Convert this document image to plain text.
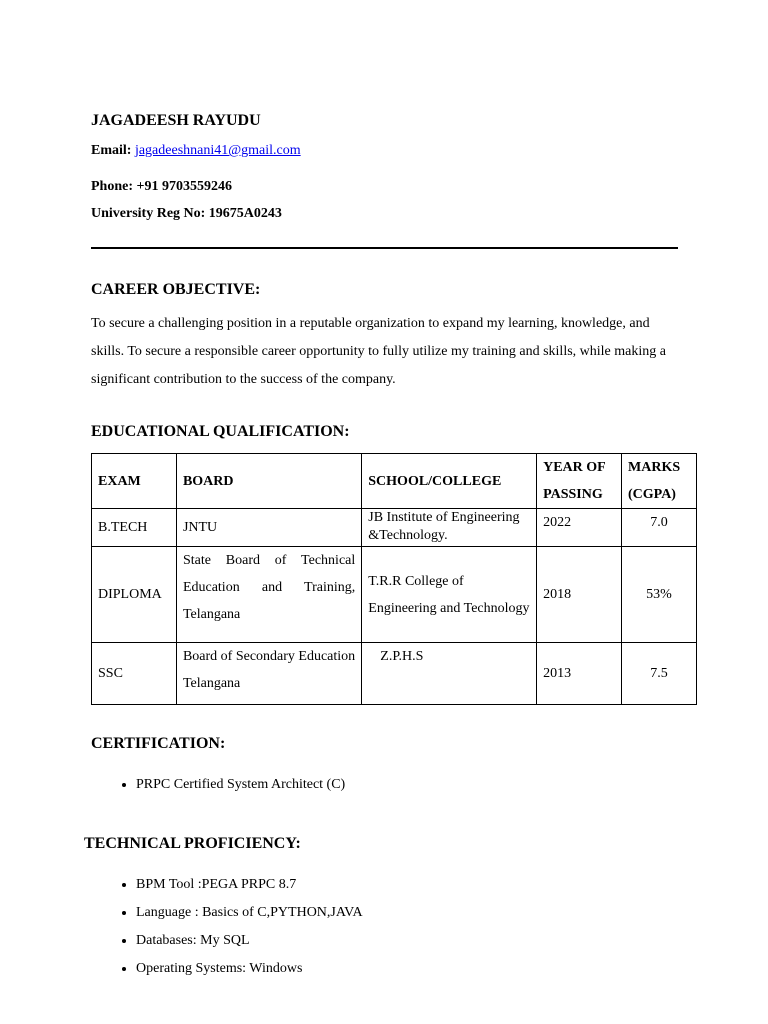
JAGADEESH RAYUDU
Email: jagadeeshnani41@gmail.com
Phone: +91 9703559246
University Reg No: 19675A0243
CAREER OBJECTIVE:
To secure a challenging position in a reputable organization to expand my learning, knowledge, and skills. To secure a responsible career opportunity to fully utilize my training and skills, while making a significant contribution to the success of the company.
EDUCATIONAL QUALIFICATION:
EXAM	BOARD	SCHOOL/COLLEGE	YEAR OF PASSING	MARKS (CGPA)
B.TECH	JNTU	JB Institute of Engineering &Technology.	2022	7.0
DIPLOMA	State Board of Technical Education and Training, Telangana	T.R.R College of Engineering and Technology	2018	53%
SSC	Board of Secondary Education Telangana	Z.P.H.S	2013	7.5
CERTIFICATION:
• PRPC Certified System Architect (C)
TECHNICAL PROFICIENCY:
• BPM Tool :PEGA PRPC 8.7
• Language : Basics of C,PYTHON,JAVA
• Databases: My SQL
• Operating Systems: Windows
